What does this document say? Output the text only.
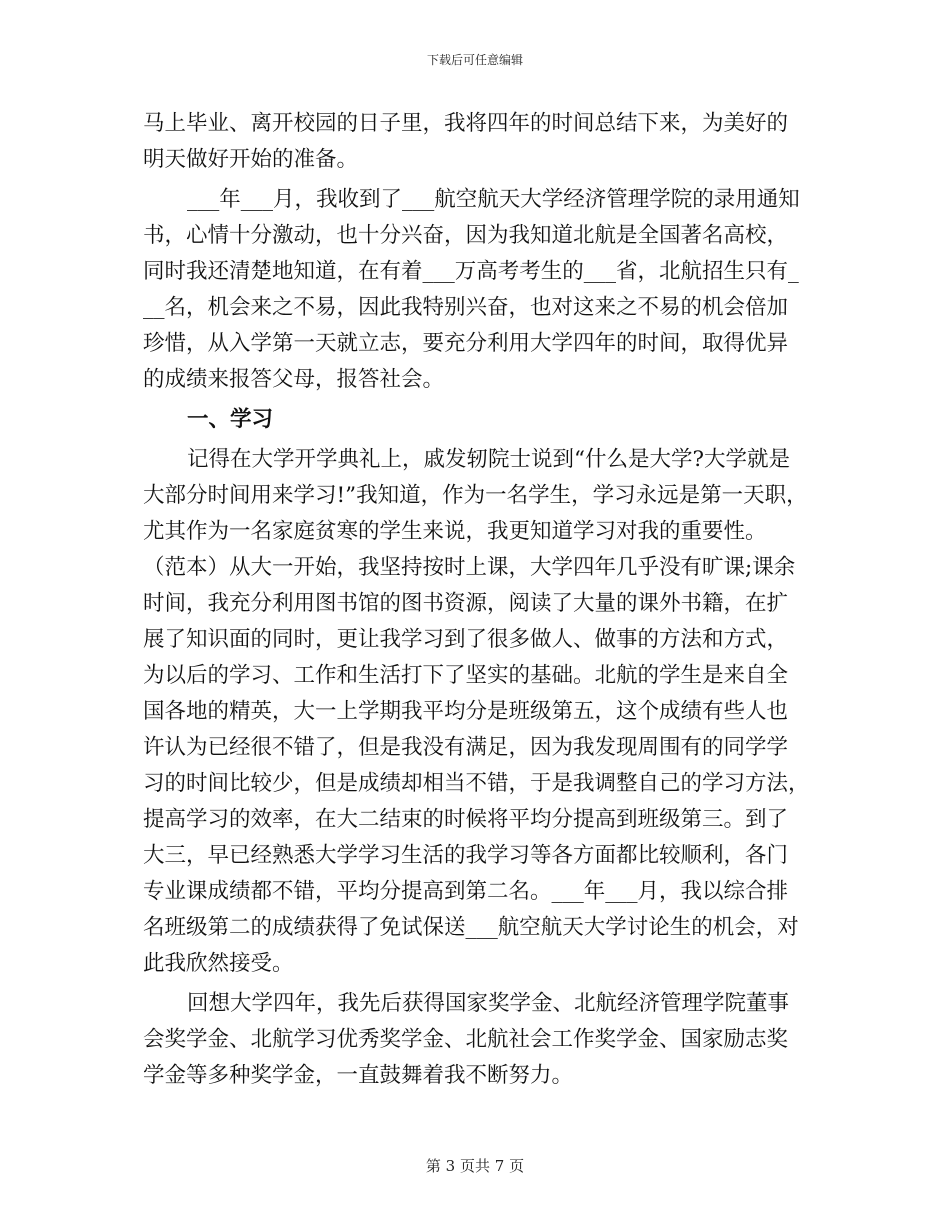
下载后可任意编辑
马上毕业、离开校园的日子里，我将四年的时间总结下来，为美好的
明天做好开始的准备。
___年___月，我收到了___航空航天大学经济管理学院的录用通知
书，心情十分激动，也十分兴奋，因为我知道北航是全国著名高校，
同时我还清楚地知道，在有着___万高考考生的___省，北航招生只有_
__名，机会来之不易，因此我特别兴奋，也对这来之不易的机会倍加
珍惜，从入学第一天就立志，要充分利用大学四年的时间，取得优异
的成绩来报答父母，报答社会。
一、学习
记得在大学开学典礼上，戚发轫院士说到“什么是大学?大学就是
大部分时间用来学习!”我知道，作为一名学生，学习永远是第一天职，
尤其作为一名家庭贫寒的学生来说，我更知道学习对我的重要性。
（范本）从大一开始，我坚持按时上课，大学四年几乎没有旷课;课余
时间，我充分利用图书馆的图书资源，阅读了大量的课外书籍，在扩
展了知识面的同时，更让我学习到了很多做人、做事的方法和方式，
为以后的学习、工作和生活打下了坚实的基础。北航的学生是来自全
国各地的精英，大一上学期我平均分是班级第五，这个成绩有些人也
许认为已经很不错了，但是我没有满足，因为我发现周围有的同学学
习的时间比较少，但是成绩却相当不错，于是我调整自己的学习方法，
提高学习的效率，在大二结束的时候将平均分提高到班级第三。到了
大三，早已经熟悉大学学习生活的我学习等各方面都比较顺利，各门
专业课成绩都不错，平均分提高到第二名。___年___月，我以综合排
名班级第二的成绩获得了免试保送___航空航天大学讨论生的机会，对
此我欣然接受。
回想大学四年，我先后获得国家奖学金、北航经济管理学院董事
会奖学金、北航学习优秀奖学金、北航社会工作奖学金、国家励志奖
学金等多种奖学金，一直鼓舞着我不断努力。
第 3 页共 7 页
